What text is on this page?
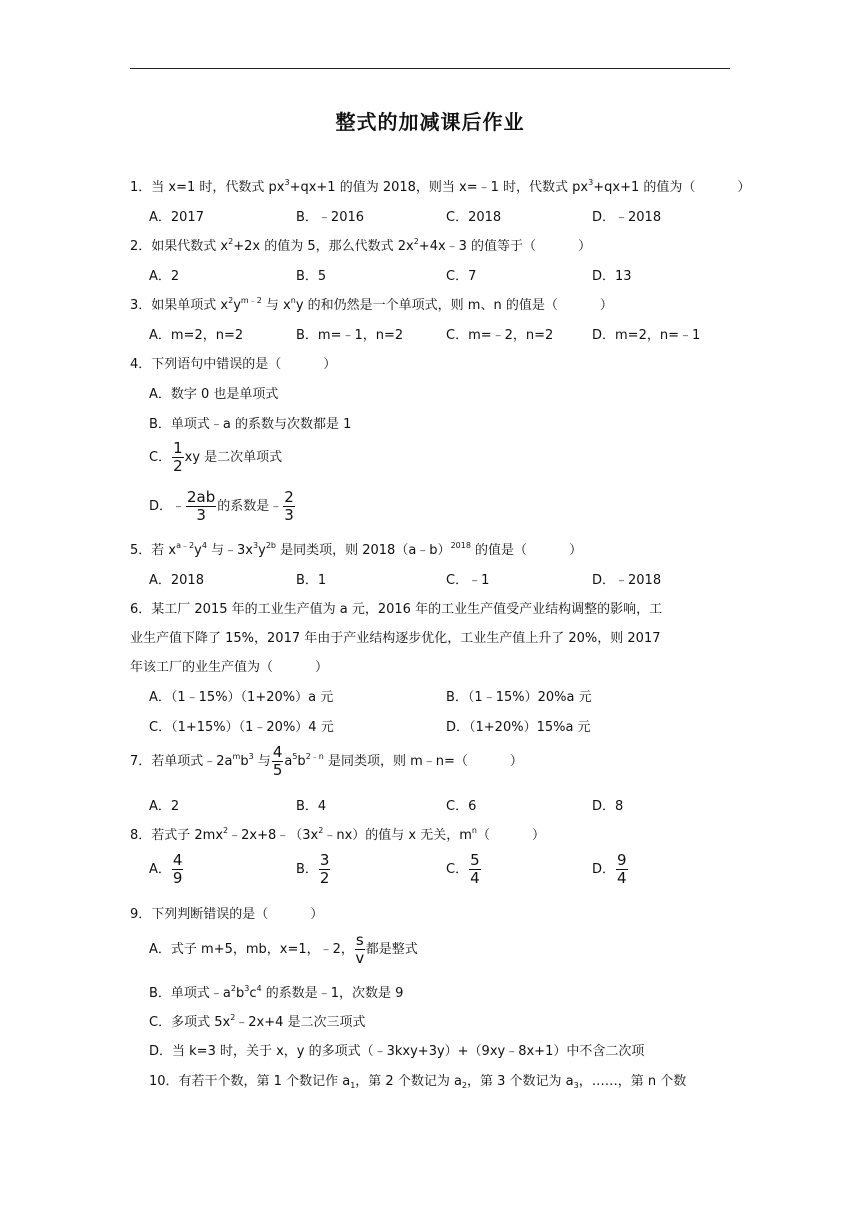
整式的加减课后作业
1．当 x=1 时，代数式 $px^3+qx+1$ 的值为 2018，则当 x=﹣1 时，代数式 $px^3+qx+1$ 的值为（	）
A．2017	B．﹣2016	C．2018	D．﹣2018
2．如果代数式 $x^2+2x$ 的值为 5，那么代数式 $2x^2+4x﹣3$ 的值等于（	）
A．2	B．5	C．7	D．13
3．如果单项式 $x^2y^{m﹣2}$ 与 $x^ny$ 的和仍然是一个单项式，则 m、n 的值是（	）
A．m=2，n=2	B．m=﹣1，n=2	C．m=﹣2，n=2	D．m=2，n=﹣1
4．下列语句中错误的是（	）
A．数字 0 也是单项式
B．单项式﹣a 的系数与次数都是 1
C． $\frac{1}{2}$ xy 是二次单项式
D．﹣ $\frac{2ab}{3}$ 的系数是﹣ $\frac{2}{3}$
5．若 $x^{a﹣2}y^4$ 与$﹣3x^3y^{2b}$ 是同类项，则 2018（a﹣b）$^{2018}$ 的值是（	）
A．2018	B．1	C．﹣1	D．﹣2018
6．某工厂 2015 年的工业生产值为 a 元，2016 年的工业生产值受产业结构调整的影响，工
业生产值下降了 15%，2017 年由于产业结构逐步优化，工业生产值上升了 20%，则 2017
年该工厂的业生产值为（	）
A．（1﹣15%）（1+20%）a 元	B．（1﹣15%）20%a 元
C．（1+15%）（1﹣20%）4 元	D．（1+20%）15%a 元
7．若单项式$﹣2a^mb^3$ 与 $\frac{4}{5} a^5b^{2﹣n}$ 是同类项，则 m﹣n=（	）
A．2	B．4	C．6	D．8
8．若式子 $2mx^2﹣2x+8﹣(3x^2﹣nx)$的值与 x 无关，$m^n$（	）
A． $\frac{4}{9}$	B． $\frac{3}{2}$	C． $\frac{5}{4}$	D． $\frac{9}{4}$
9．下列判断错误的是（	）
A．式子 m+5，mb，x=1，﹣2， $\frac{s}{v}$ 都是整式
B．单项式$﹣a^2b^3c^4$ 的系数是﹣1，次数是 9
C．多项式 $5x^2﹣2x+4$ 是二次三项式
D．当 k=3 时，关于 x，y 的多项式（﹣3kxy+3y）+（9xy﹣8x+1）中不含二次项
10．有若干个数，第 1 个数记作 $a_1$，第 2 个数记为 $a_2$，第 3 个数记为 $a_3$，……，第 n 个数
